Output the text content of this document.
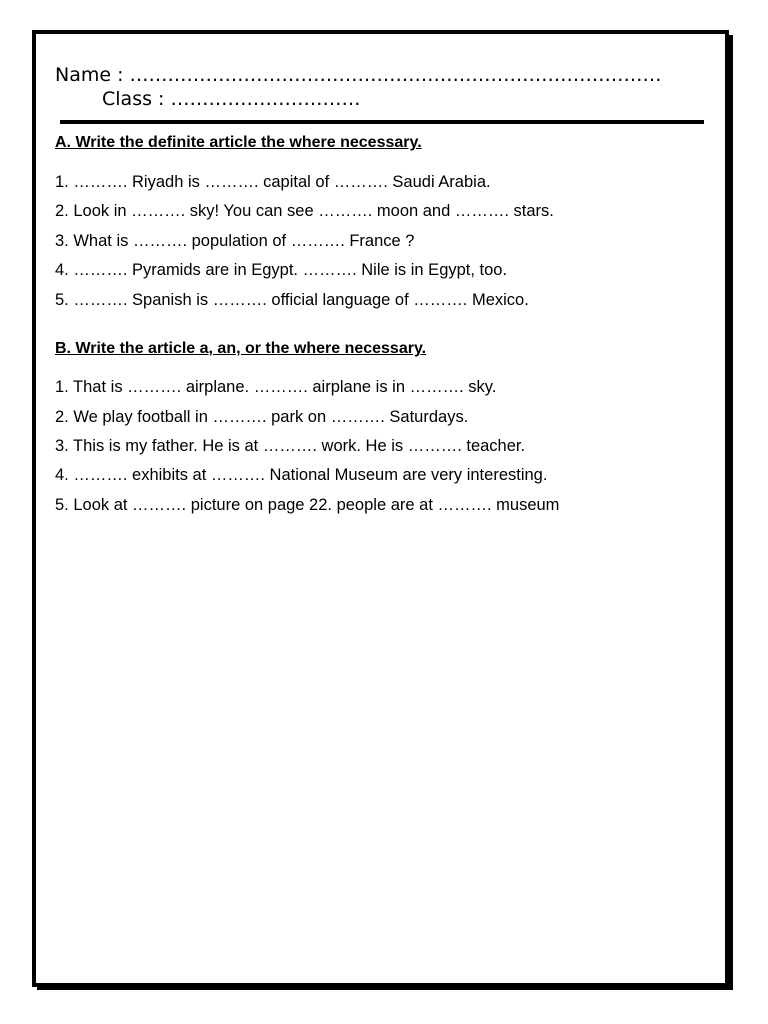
Name : …………………………………………………………………………
Class : …………………………
A. Write the definite article the where necessary.
1. ………. Riyadh is ………. capital of ………. Saudi Arabia.
2. Look in ………. sky! You can see ………. moon and ………. stars.
3. What is ………. population of ………. France ?
4. ………. Pyramids are in Egypt. ………. Nile is in Egypt, too.
5. ………. Spanish is ………. official language of ………. Mexico.
B. Write the article a, an, or the where necessary.
1. That is ………. airplane. ………. airplane is in ………. sky.
2. We play football in ………. park on ………. Saturdays.
3. This is my father. He is at ………. work. He is ………. teacher.
4. ………. exhibits at ………. National Museum are very interesting.
5. Look at ………. picture on page 22. people are at ………. museum
